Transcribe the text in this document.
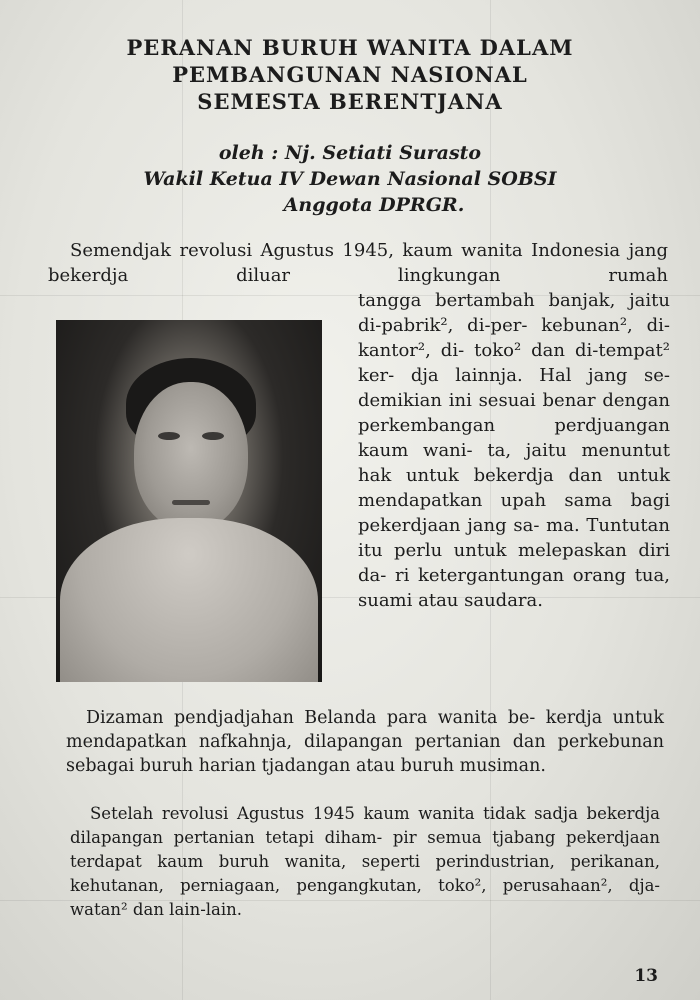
PERANAN BURUH WANITA DALAM
PEMBANGUNAN NASIONAL
SEMESTA BERENTJANA
oleh : Nj. Setiati Surasto
Wakil Ketua IV Dewan Nasional SOBSI
Anggota DPRGR.
Semendjak revolusi Agustus 1945, kaum wanita Indonesia jang bekerdja diluar lingkungan rumah
tangga bertambah banjak, jaitu di-pabrik², di-per- kebunan², di-kantor², di- toko² dan di-tempat² ker- dja lainnja. Hal jang se- demikian ini sesuai benar dengan perkembangan	perdjuangan kaum wani- ta, jaitu menuntut hak untuk bekerdja dan untuk mendapatkan upah sama bagi pekerdjaan jang sa- ma. Tuntutan itu perlu untuk melepaskan diri da- ri ketergantungan orang tua, suami atau saudara.
Dizaman pendjadjahan Belanda para wanita be- kerdja untuk mendapatkan nafkahnja, dilapangan pertanian dan perkebunan sebagai buruh harian tjadangan atau buruh musiman.
Setelah revolusi Agustus 1945 kaum wanita tidak sadja bekerdja dilapangan pertanian tetapi diham- pir semua tjabang pekerdjaan terdapat kaum buruh wanita, seperti perindustrian, perikanan, kehutanan, perniagaan, pengangkutan, toko², perusahaan², dja- watan² dan lain-lain.
13
